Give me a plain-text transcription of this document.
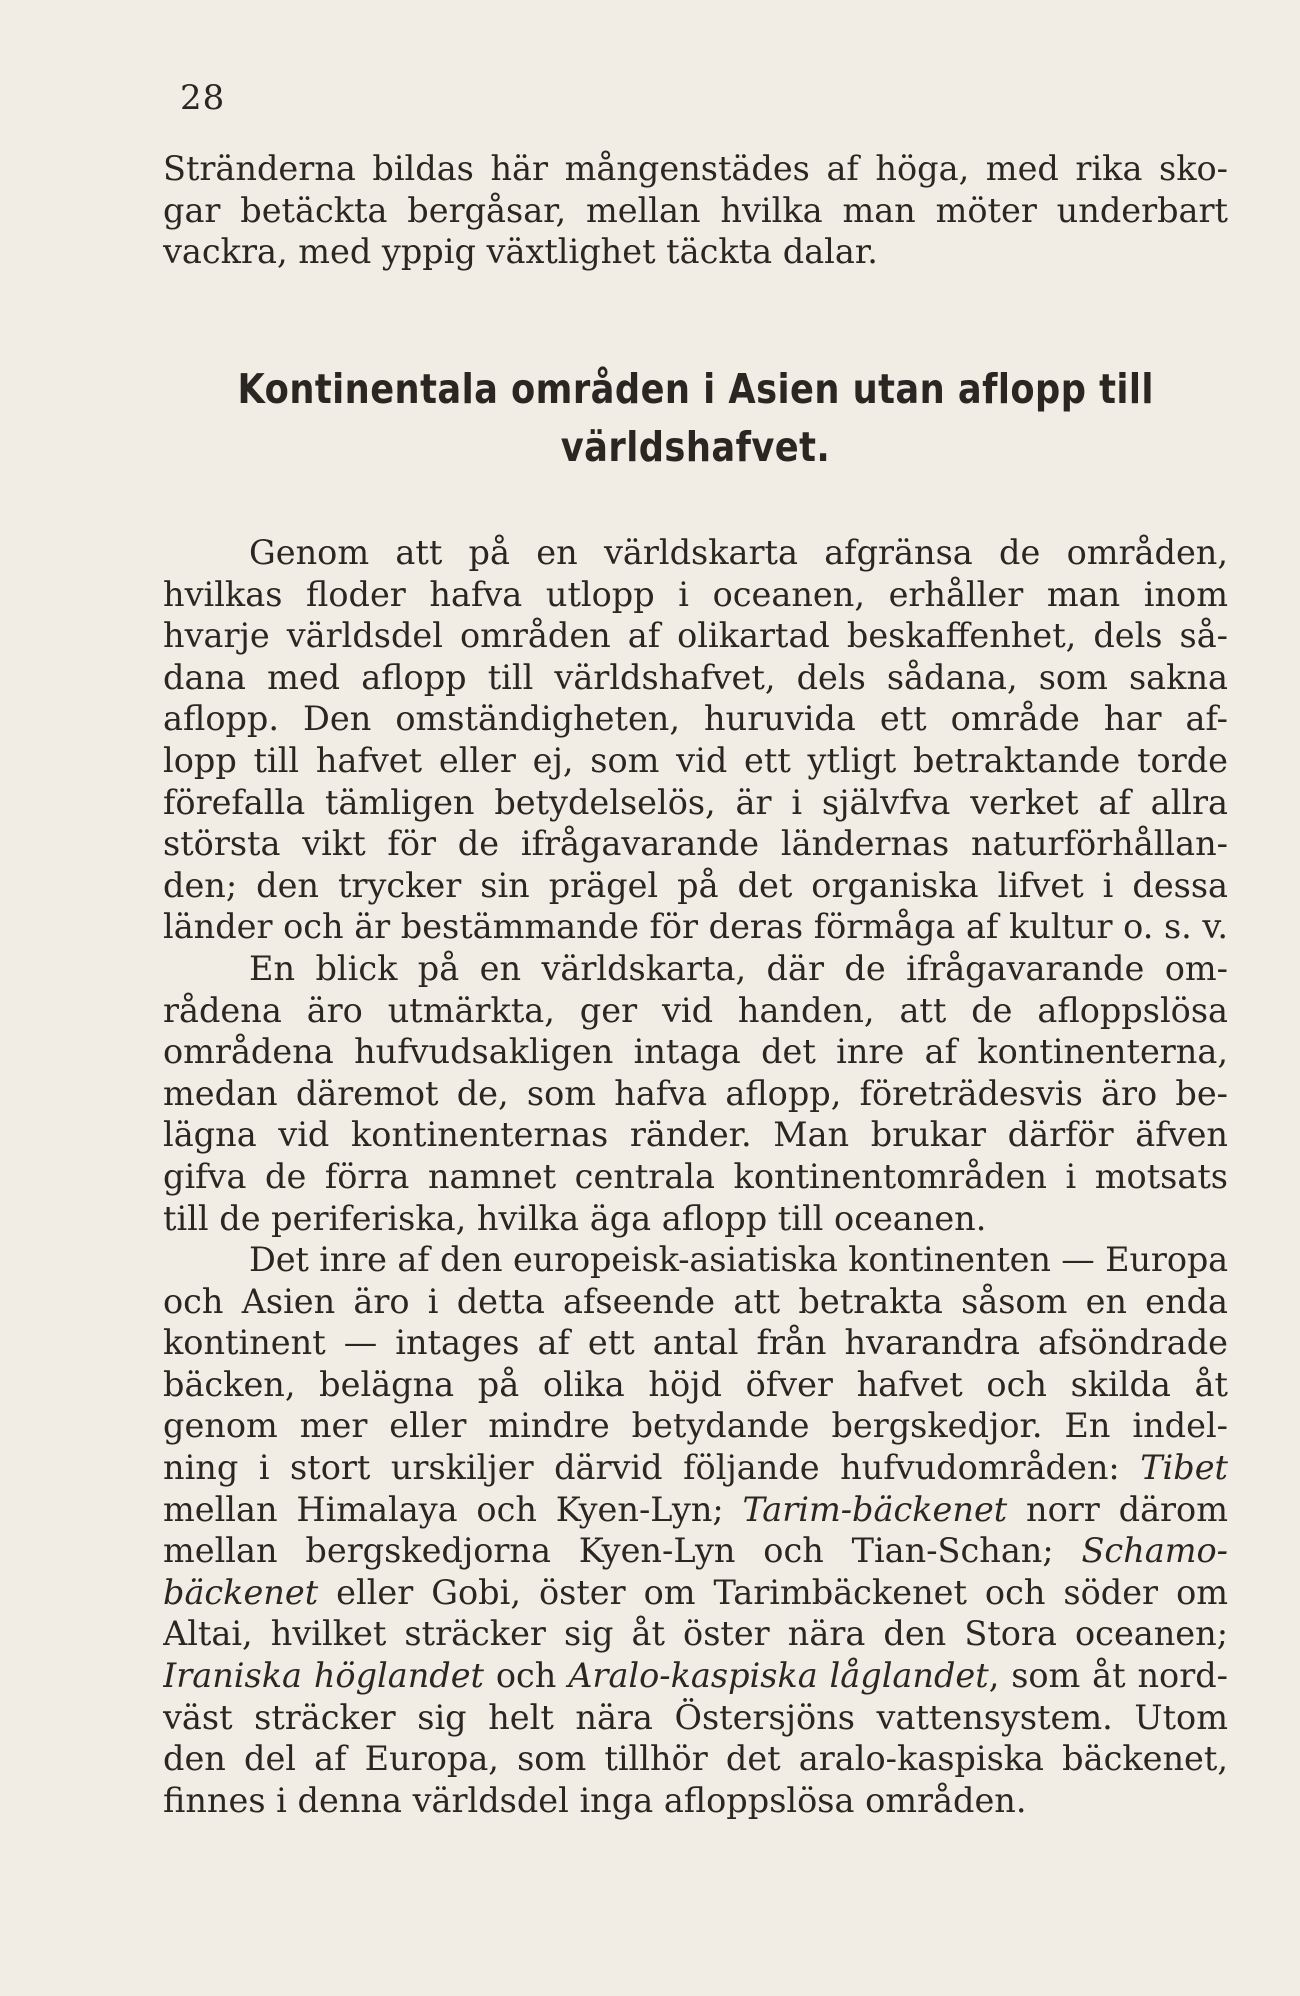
28
Stränderna bildas här mångenstädes af höga, med rika sko-
gar betäckta bergåsar, mellan hvilka man möter underbart
vackra, med yppig växtlighet täckta dalar.
Kontinentala områden i Asien utan aflopp till
världshafvet.
Genom att på en världskarta afgränsa de områden,
hvilkas floder hafva utlopp i oceanen, erhåller man inom
hvarje världsdel områden af olikartad beskaffenhet, dels så-
dana med aflopp till världshafvet, dels sådana, som sakna
aflopp. Den omständigheten, huruvida ett område har af-
lopp till hafvet eller ej, som vid ett ytligt betraktande torde
förefalla tämligen betydelselös, är i självfva verket af allra
största vikt för de ifrågavarande ländernas naturförhållan-
den; den trycker sin prägel på det organiska lifvet i dessa
länder och är bestämmande för deras förmåga af kultur o. s. v.
En blick på en världskarta, där de ifrågavarande om-
rådena äro utmärkta, ger vid handen, att de afloppslösa
områdena hufvudsakligen intaga det inre af kontinenterna,
medan däremot de, som hafva aflopp, företrädesvis äro be-
lägna vid kontinenternas ränder. Man brukar därför äfven
gifva de förra namnet centrala kontinentområden i motsats
till de periferiska, hvilka äga aflopp till oceanen.
Det inre af den europeisk-asiatiska kontinenten — Europa
och Asien äro i detta afseende att betrakta såsom en enda
kontinent — intages af ett antal från hvarandra afsöndrade
bäcken, belägna på olika höjd öfver hafvet och skilda åt
genom mer eller mindre betydande bergskedjor. En indel-
ning i stort urskiljer därvid följande hufvudområden: Tibet
mellan Himalaya och Kyen-Lyn; Tarim-bäckenet norr därom
mellan bergskedjorna Kyen-Lyn och Tian-Schan; Schamo-
bäckenet eller Gobi, öster om Tarimbäckenet och söder om
Altai, hvilket sträcker sig åt öster nära den Stora oceanen;
Iraniska höglandet och Aralo-kaspiska låglandet, som åt nord-
väst sträcker sig helt nära Östersjöns vattensystem. Utom
den del af Europa, som tillhör det aralo-kaspiska bäckenet,
finnes i denna världsdel inga afloppslösa områden.
